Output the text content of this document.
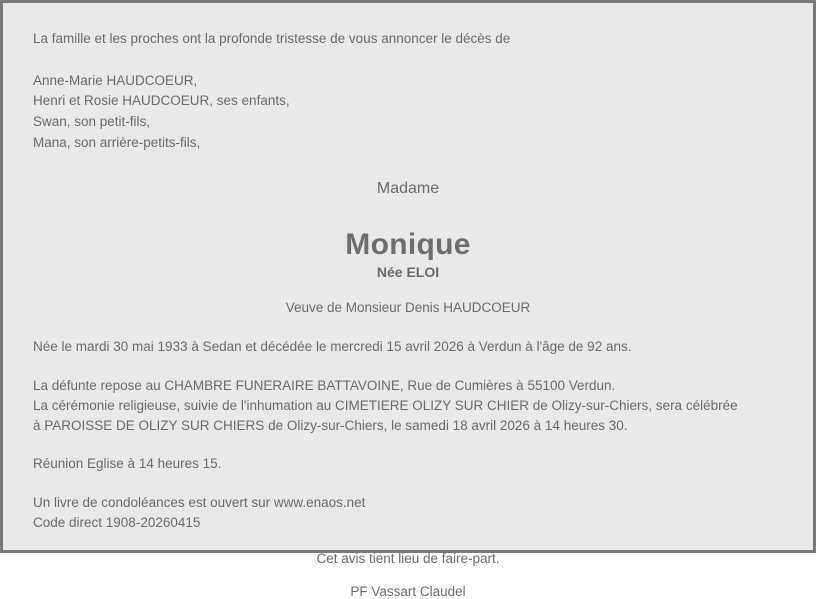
La famille et les proches ont la profonde tristesse de vous annoncer le décès de
Anne-Marie HAUDCOEUR,
Henri et Rosie HAUDCOEUR, ses enfants,
Swan, son petit-fils,
Mana, son arrière-petits-fils,
Madame
Monique
Née ELOI
Veuve de Monsieur Denis HAUDCOEUR
Née le mardi 30 mai 1933 à Sedan et décédée le mercredi 15 avril 2026 à Verdun à l'âge de 92 ans.
La défunte repose au CHAMBRE FUNERAIRE BATTAVOINE, Rue de Cumières à 55100 Verdun.
La cérémonie religieuse, suivie de l'inhumation au CIMETIERE OLIZY SUR CHIER de Olizy-sur-Chiers, sera célébrée
à PAROISSE DE OLIZY SUR CHIERS de Olizy-sur-Chiers, le samedi 18 avril 2026 à 14 heures 30.
Réunion Eglise à 14 heures 15.
Un livre de condoléances est ouvert sur www.enaos.net
Code direct 1908-20260415
Cet avis tient lieu de faire-part.
PF Vassart Claudel
